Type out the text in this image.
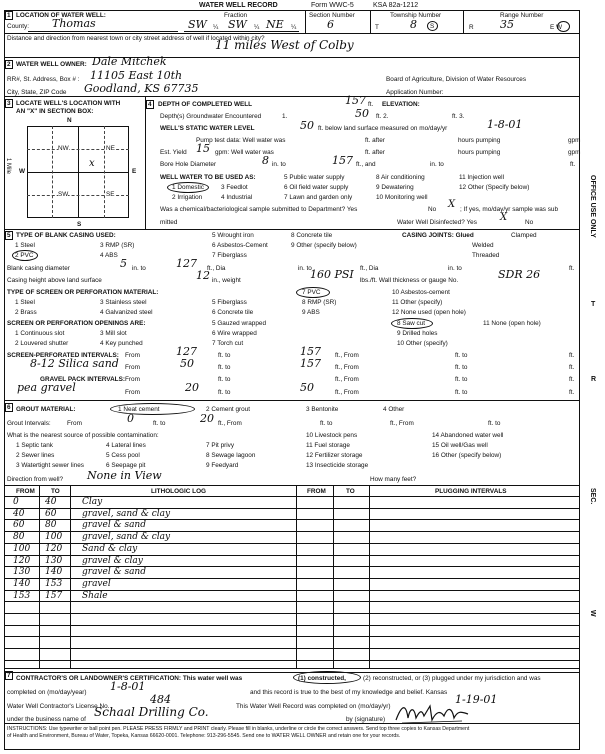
WATER WELL RECORD	Form WWC-5	KSA 82a-1212
1 LOCATION OF WATER WELL:
County: Thomas
Fraction
SW ¼ SW ¼ NE ¼
Section Number
6
Township Number
T	8 S
Range Number
R 35	E W
Distance and direction from nearest town or city street address of well if located within city?
11 miles West of Colby
2 WATER WELL OWNER: Dale Mitchek
RR#, St. Address, Box # : 11105 East 10th
City, State, ZIP Code Goodland, KS 67735
Board of Agriculture, Division of Water Resources
Application Number:
3 LOCATE WELL'S LOCATION WITH
AN "X" IN SECTION BOX:
N
NW	NE
SW	SE
x
W	E
S
1 Mile
4 DEPTH OF COMPLETED WELL	157 ft. ELEVATION:
Depth(s) Groundwater Encountered	1.	50 ft. 2.	ft. 3.
WELL'S STATIC WATER LEVEL	50 ft. below land surface measured on mo/day/yr	1-8-01
Pump test data: Well water was	ft. after	hours pumping	gpm
Est. Yield 15 gpm: Well water was	ft. after	hours pumping	gpm
Bore Hole Diameter	8 in. to	157 ft., and	in. to	ft.
WELL WATER TO BE USED AS:	5 Public water supply	8 Air conditioning	11 Injection well
1 Domestic	3 Feedlot	6 Oil field water supply	9 Dewatering	12 Other (Specify below)
2 Irrigation	4 Industrial	7 Lawn and garden only	10 Monitoring well
Was a chemical/bacteriological sample submitted to Department? Yes	No X ; If yes, mo/day/yr sample was sub
mitted	Water Well Disinfected? Yes X	No
5 TYPE OF BLANK CASING USED:	5 Wrought iron	8 Concrete tile	CASING JOINTS: Glued	Clamped
1 Steel	3 RMP (SR)	6 Asbestos-Cement	9 Other (specify below)	Welded
2 PVC	4 ABS	7 Fiberglass	Threaded
Blank casing diameter	5 in. to	127 ft., Dia	in. to	ft., Dia	in. to	ft.
Casing height above land surface	12 in., weight	160 PSI lbs./ft. Wall thickness or gauge No.	SDR 26
TYPE OF SCREEN OR PERFORATION MATERIAL:	7 PVC	10 Asbestos-cement
1 Steel	3 Stainless steel	5 Fiberglass	8 RMP (SR)	11 Other (specify)
2 Brass	4 Galvanized steel	6 Concrete tile	9 ABS	12 None used (open hole)
SCREEN OR PERFORATION OPENINGS ARE:	5 Gauzed wrapped	8 Saw cut	11 None (open hole)
1 Continuous slot	3 Mill slot	6 Wire wrapped	9 Drilled holes
2 Louvered shutter	4 Key punched	7 Torch cut	10 Other (specify)
SCREEN-PERFORATED INTERVALS: From	127	ft. to	157 ft., From	ft. to	ft.
8-12 Silica sand From	50	ft. to	157 ft., From	ft. to	ft.
GRAVEL PACK INTERVALS: From	ft. to	ft., From	ft. to	ft.
pea gravel	From	20	ft. to	50	ft., From	ft. to	ft.
6 GROUT MATERIAL:	1 Neat cement	2 Cement grout	3 Bentonite	4 Other
Grout Intervals:	From	0	ft. to	20 ft., From	ft. to	ft., From	ft. to
What is the nearest source of possible contamination:	10 Livestock pens	14 Abandoned water well
1 Septic tank	4 Lateral lines	7 Pit privy	11 Fuel storage	15 Oil well/Gas well
2 Sewer lines	5 Cess pool	8 Sewage lagoon	12 Fertilizer storage	16 Other (specify below)
3 Watertight sewer lines	6 Seepage pit	9 Feedyard	13 Insecticide storage
Direction from well? None in View	How many feet?
FROM	TO	LITHOLOGIC LOG	FROM	TO	PLUGGING INTERVALS
0	40	Clay
40 60	gravel, sand & clay
60 80	gravel & sand
80 100 gravel, sand & clay
100 120 Sand & clay
120 130 gravel & clay
130 140 gravel & sand
140 153 gravel
153 157 Shale
7 CONTRACTOR'S OR LANDOWNER'S CERTIFICATION: This water well was	(1) constructed,	(2) reconstructed, or (3) plugged under my jurisdiction and was
completed on (mo/day/year) 1-8-01	and this record is true to the best of my knowledge and belief. Kansas
Water Well Contractor's License No.
484
This Water Well Record was completed on (mo/day/yr)
1-19-01
under the business name of
Schaal Drilling Co.
by (signature)
INSTRUCTIONS: Use typewriter or ball point pen. PLEASE PRESS FIRMLY and PRINT clearly. Please fill in blanks, underline or circle the correct answers. Send top three copies to Kansas Department
of Health and Environment, Bureau of Water, Topeka, Kansas 66620-0001. Telephone: 913-296-5545. Send one to WATER WELL OWNER and retain one for your records.
OFFICE USE ONLY
T
R
SEC.
W
